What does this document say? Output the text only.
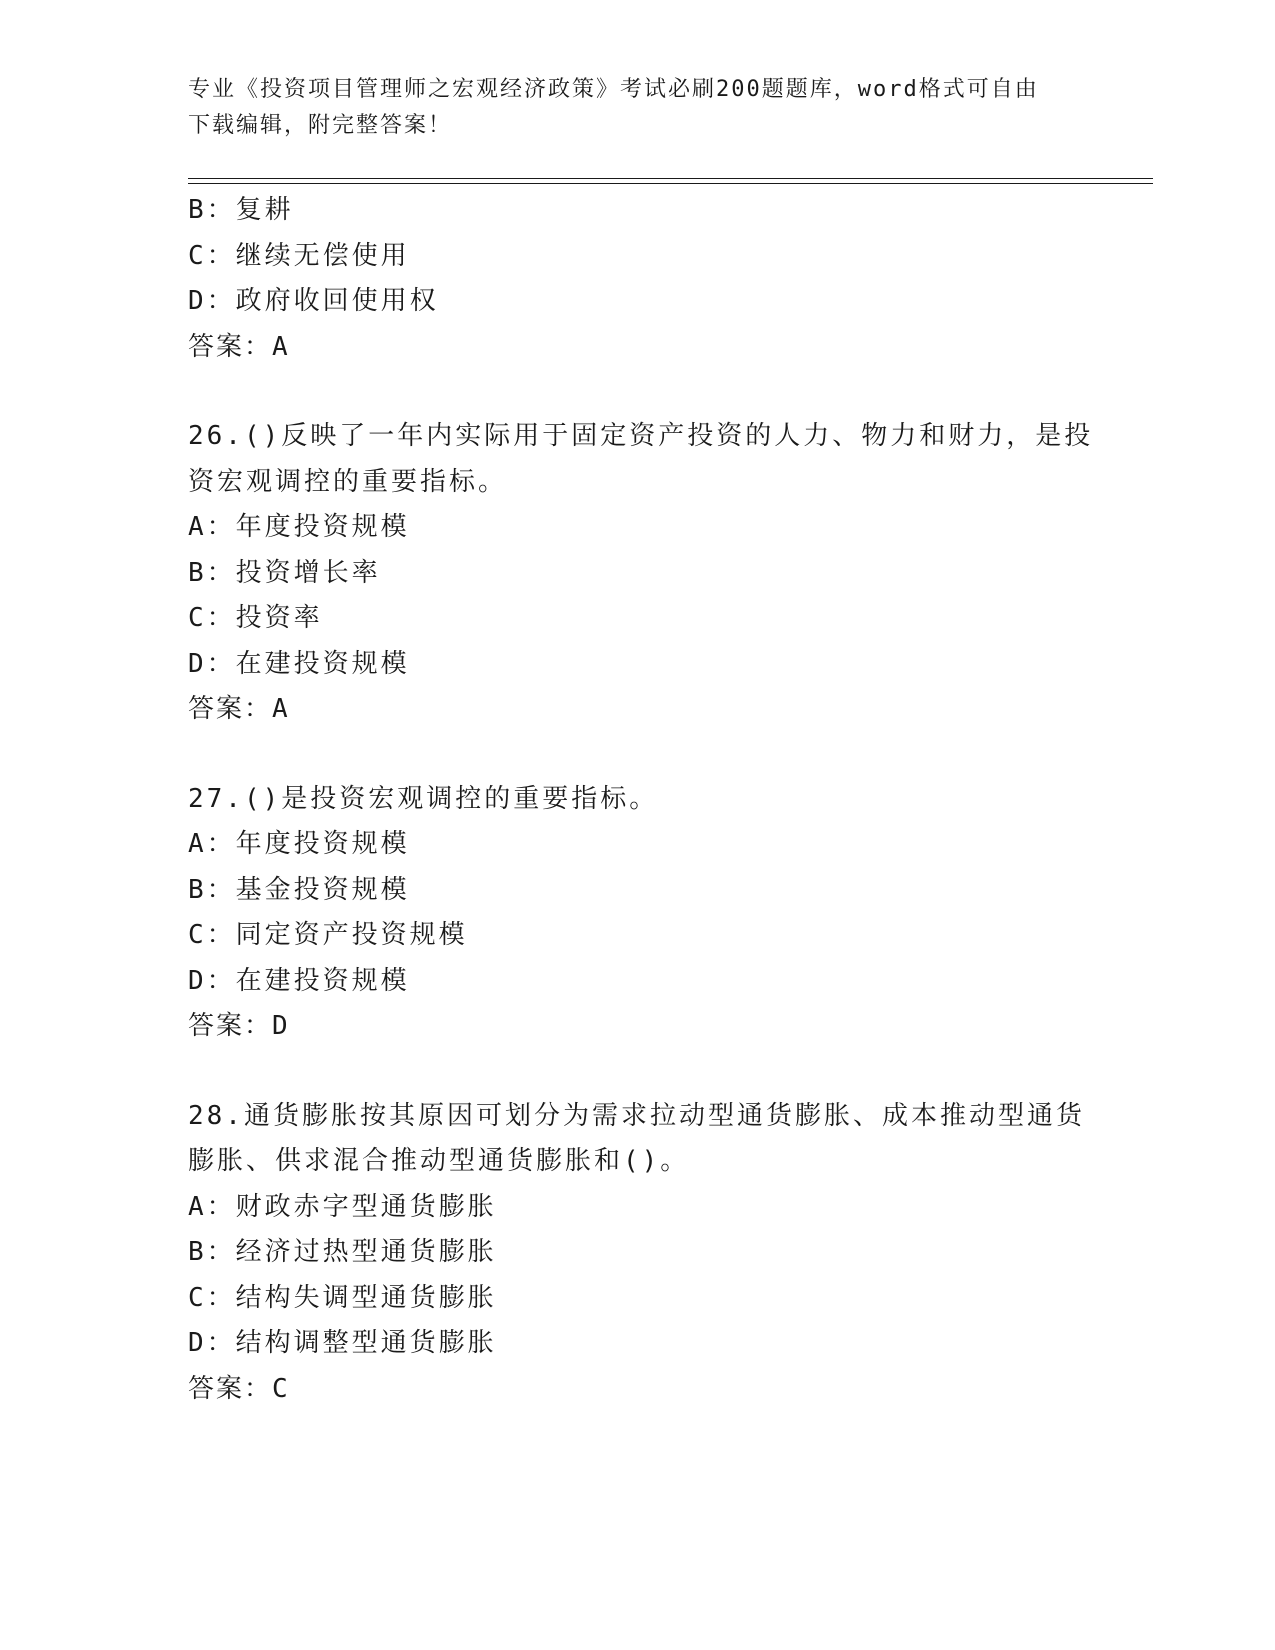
专业《投资项目管理师之宏观经济政策》考试必刷200题题库，word格式可自由
下载编辑，附完整答案！
B：复耕
C：继续无偿使用
D：政府收回使用权
答案：A
26.()反映了一年内实际用于固定资产投资的人力、物力和财力，是投
资宏观调控的重要指标。
A：年度投资规模
B：投资增长率
C：投资率
D：在建投资规模
答案：A
27.()是投资宏观调控的重要指标。
A：年度投资规模
B：基金投资规模
C：同定资产投资规模
D：在建投资规模
答案：D
28.通货膨胀按其原因可划分为需求拉动型通货膨胀、成本推动型通货
膨胀、供求混合推动型通货膨胀和()。
A：财政赤字型通货膨胀
B：经济过热型通货膨胀
C：结构失调型通货膨胀
D：结构调整型通货膨胀
答案：C
